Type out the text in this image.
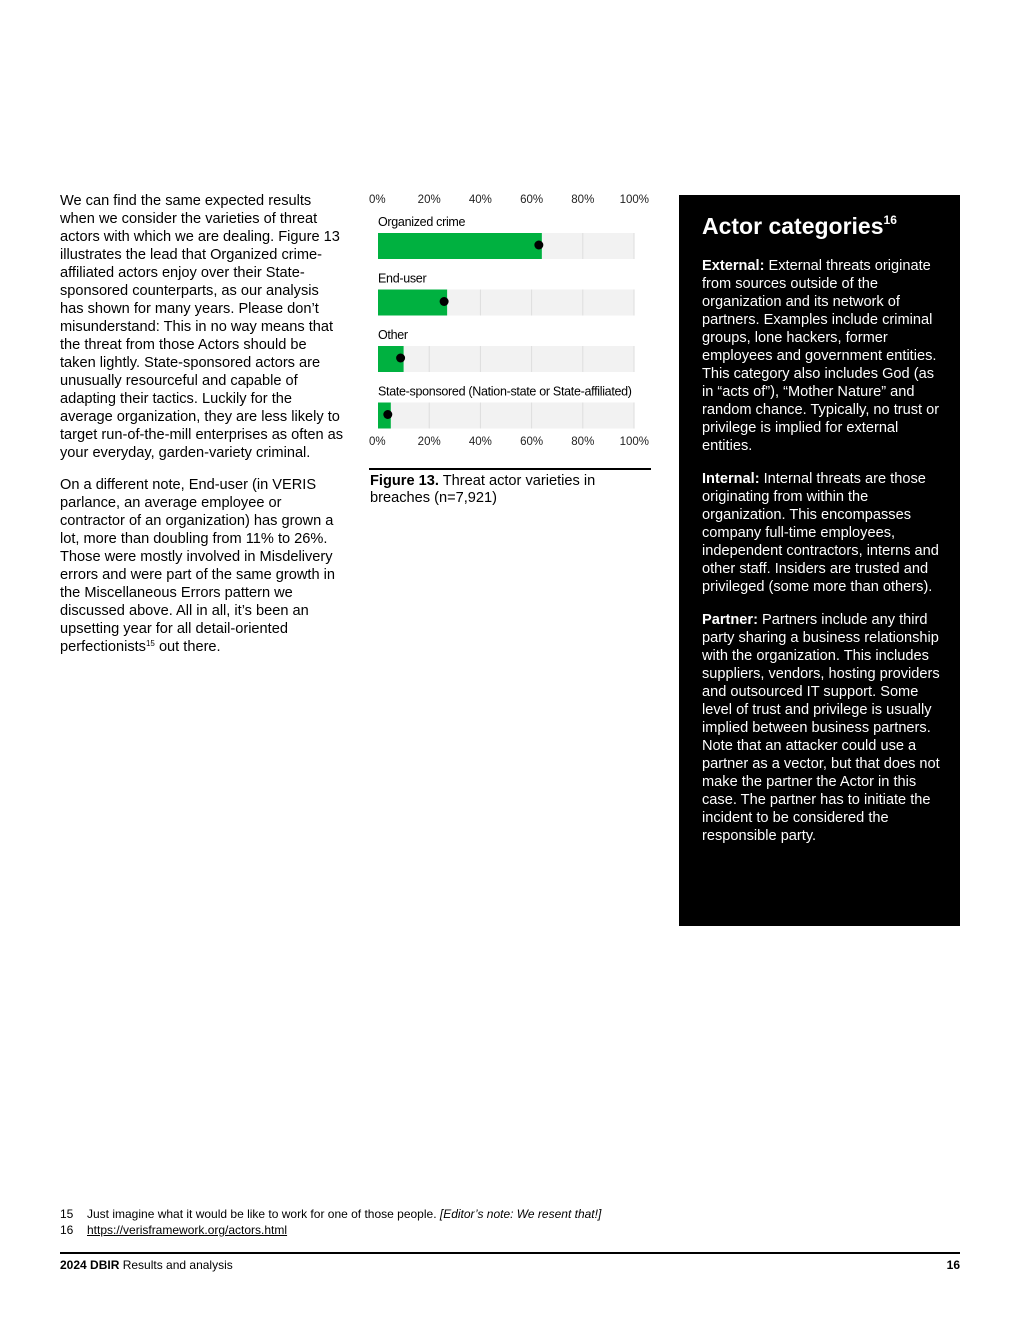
We can find the same expected results when we consider the varieties of threat actors with which we are dealing. Figure 13 illustrates the lead that Organized crime-affiliated actors enjoy over their State-sponsored counterparts, as our analysis has shown for many years. Please don’t misunderstand: This in no way means that the threat from those Actors should be taken lightly. State-sponsored actors are unusually resourceful and capable of adapting their tactics. Luckily for the average organization, they are less likely to target run-of-the-mill enterprises as often as your everyday, garden-variety criminal.

On a different note, End-user (in VERIS parlance, an average employee or contractor of an organization) has grown a lot, more than doubling from 11% to 26%. Those were mostly involved in Misdelivery errors and were part of the same growth in the Miscellaneous Errors pattern we discussed above. All in all, it’s been an upsetting year for all detail-oriented perfectionists$^{15}$ out there.

0%	20% 40% 60% 80% 100%
0%	20% 40% 60% 80% 100%
Organized crime
End-user
Other
State-sponsored (Nation-state or State-affiliated)
Figure 13. Threat actor varieties in breaches (n=7,921)
Actor categories$^{16}$

External: External threats originate from sources outside of the organization and its network of partners. Examples include criminal groups, lone hackers, former employees and government entities. This category also includes God (as in “acts of”), “Mother Nature” and random chance. Typically, no trust or privilege is implied for external entities.

Internal: Internal threats are those originating from within the organization. This encompasses company full-time employees, independent contractors, interns and other staff. Insiders are trusted and privileged (some more than others).

Partner: Partners include any third party sharing a business relationship with the organization. This includes suppliers, vendors, hosting providers and outsourced IT support. Some level of trust and privilege is usually implied between business partners. Note that an attacker could use a partner as a vector, but that does not make the partner the Actor in this case. The partner has to initiate the incident to be considered the responsible party.

15	Just imagine what it would be like to work for one of those people. [Editor’s note: We resent that!]
16	https://verisframework.org/actors.html
2024 DBIR Results and analysis	16
